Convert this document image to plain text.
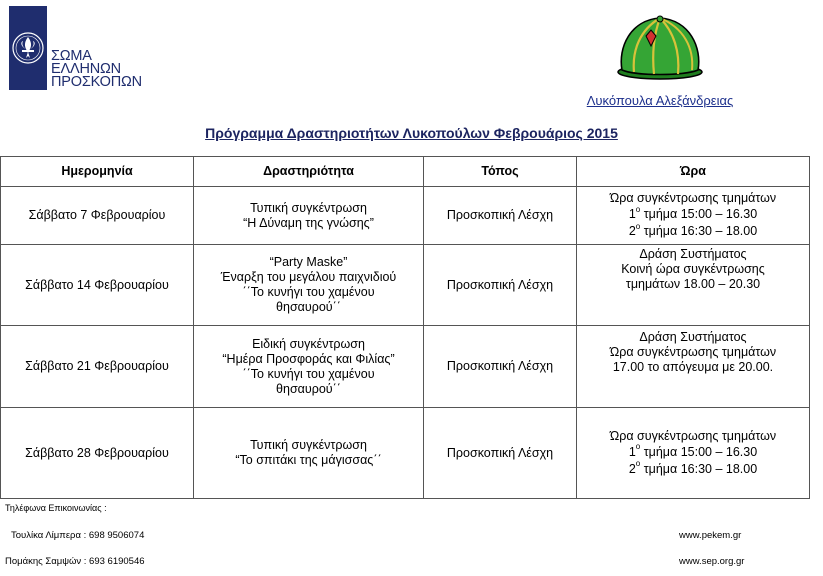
ΣΩΜΑ
ΕΛΛΗΝΩΝ
ΠΡΟΣΚΟΠΩΝ
Λυκόπουλα Αλεξάνδρειας
Πρόγραμμα Δραστηριοτήτων Λυκοπούλων Φεβρουάριος 2015
Ημερομηνία	Δραστηριότητα	Τόπος	Ώρα
Σάββατο 7 Φεβρουαρίου	Τυπική συγκέντρωση
“Η Δύναμη της γνώσης”	Προσκοπική Λέσχη	Ώρα συγκέντρωσης τμημάτων
$1^o$ τμήμα 15:00 – 16.30
$2^o$ τμήμα 16:30 – 18.00

Σάββατο 14 Φεβρουαρίου	“Party Maske”
Έναρξη του μεγάλου παιχνιδιού
΄΄Το κυνήγι του χαμένου
θησαυρού΄΄	Προσκοπική Λέσχη	Δράση Συστήματος
Κοινή ώρα συγκέντρωσης
τμημάτων 18.00 – 20.30

Σάββατο 21 Φεβρουαρίου	Ειδική συγκέντρωση
“Ημέρα Προσφοράς και Φιλίας”
΄΄Το κυνήγι του χαμένου
θησαυρού΄΄	Προσκοπική Λέσχη	Δράση Συστήματος
Ώρα συγκέντρωσης τμημάτων
17.00 το απόγευμα με 20.00.

Σάββατο 28 Φεβρουαρίου	Τυπική συγκέντρωση
“Το σπιτάκι της μάγισσας΄΄	Προσκοπική Λέσχη	Ώρα συγκέντρωσης τμημάτων
$1^o$ τμήμα 15:00 – 16.30
$2^o$ τμήμα 16:30 – 18.00
Τηλέφωνα Επικοινωνίας :
Τουλίκα Λίμπερα : 698 9506074
Πομάκης Σαμψών : 693 6190546
www.pekem.gr
www.sep.org.gr
